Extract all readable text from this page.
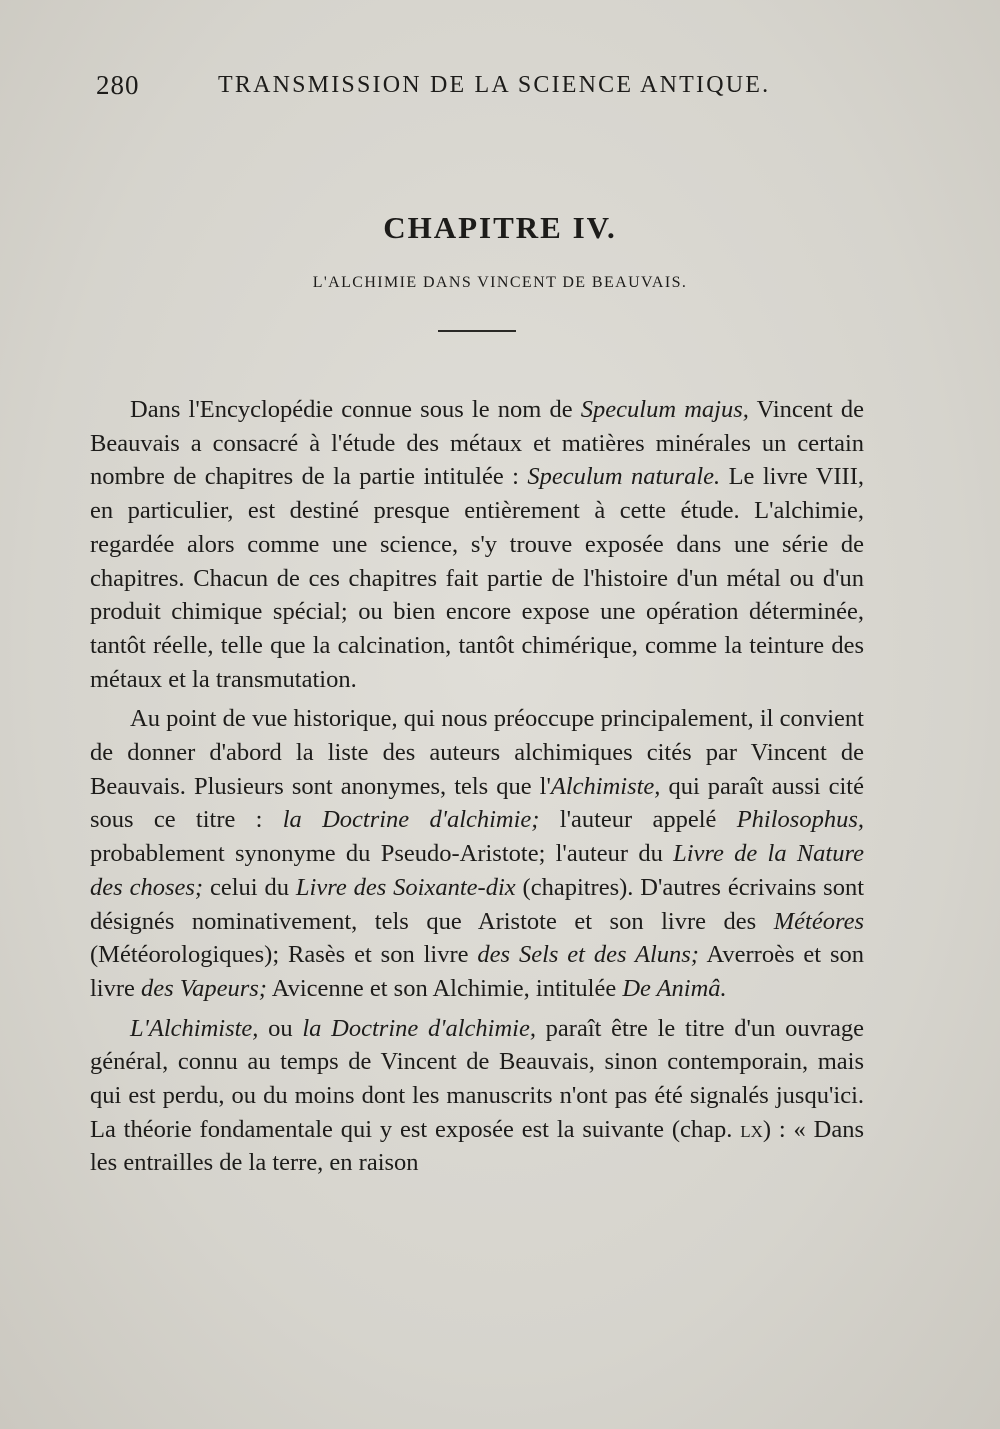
280	TRANSMISSION DE LA SCIENCE ANTIQUE.
CHAPITRE IV.
L'ALCHIMIE DANS VINCENT DE BEAUVAIS.

Dans l'Encyclopédie connue sous le nom de Speculum majus, Vincent de Beauvais a consacré à l'étude des métaux et matières minérales un certain nombre de chapitres de la partie intitulée : Speculum naturale. Le livre VIII, en particulier, est destiné presque entièrement à cette étude. L'alchimie, regardée alors comme une science, s'y trouve exposée dans une série de chapitres. Chacun de ces chapitres fait partie de l'histoire d'un métal ou d'un produit chimique spécial; ou bien encore expose une opération déterminée, tantôt réelle, telle que la calcination, tantôt chimérique, comme la teinture des métaux et la transmutation.

Au point de vue historique, qui nous préoccupe principalement, il convient de donner d'abord la liste des auteurs alchimiques cités par Vincent de Beauvais. Plusieurs sont anonymes, tels que l'Alchimiste, qui paraît aussi cité sous ce titre : la Doctrine d'alchimie; l'auteur appelé Philosophus, probablement synonyme du Pseudo-Aristote; l'auteur du Livre de la Nature des choses; celui du Livre des Soixante-dix (chapitres). D'autres écrivains sont désignés nominativement, tels que Aristote et son livre des Météores (Météorologiques); Rasès et son livre des Sels et des Aluns; Averroès et son livre des Vapeurs; Avicenne et son Alchimie, intitulée De Animâ.

L'Alchimiste, ou la Doctrine d'alchimie, paraît être le titre d'un ouvrage général, connu au temps de Vincent de Beauvais, sinon contemporain, mais qui est perdu, ou du moins dont les manuscrits n'ont pas été signalés jusqu'ici. La théorie fondamentale qui y est exposée est la suivante (chap. lx) : « Dans les entrailles de la terre, en raison
